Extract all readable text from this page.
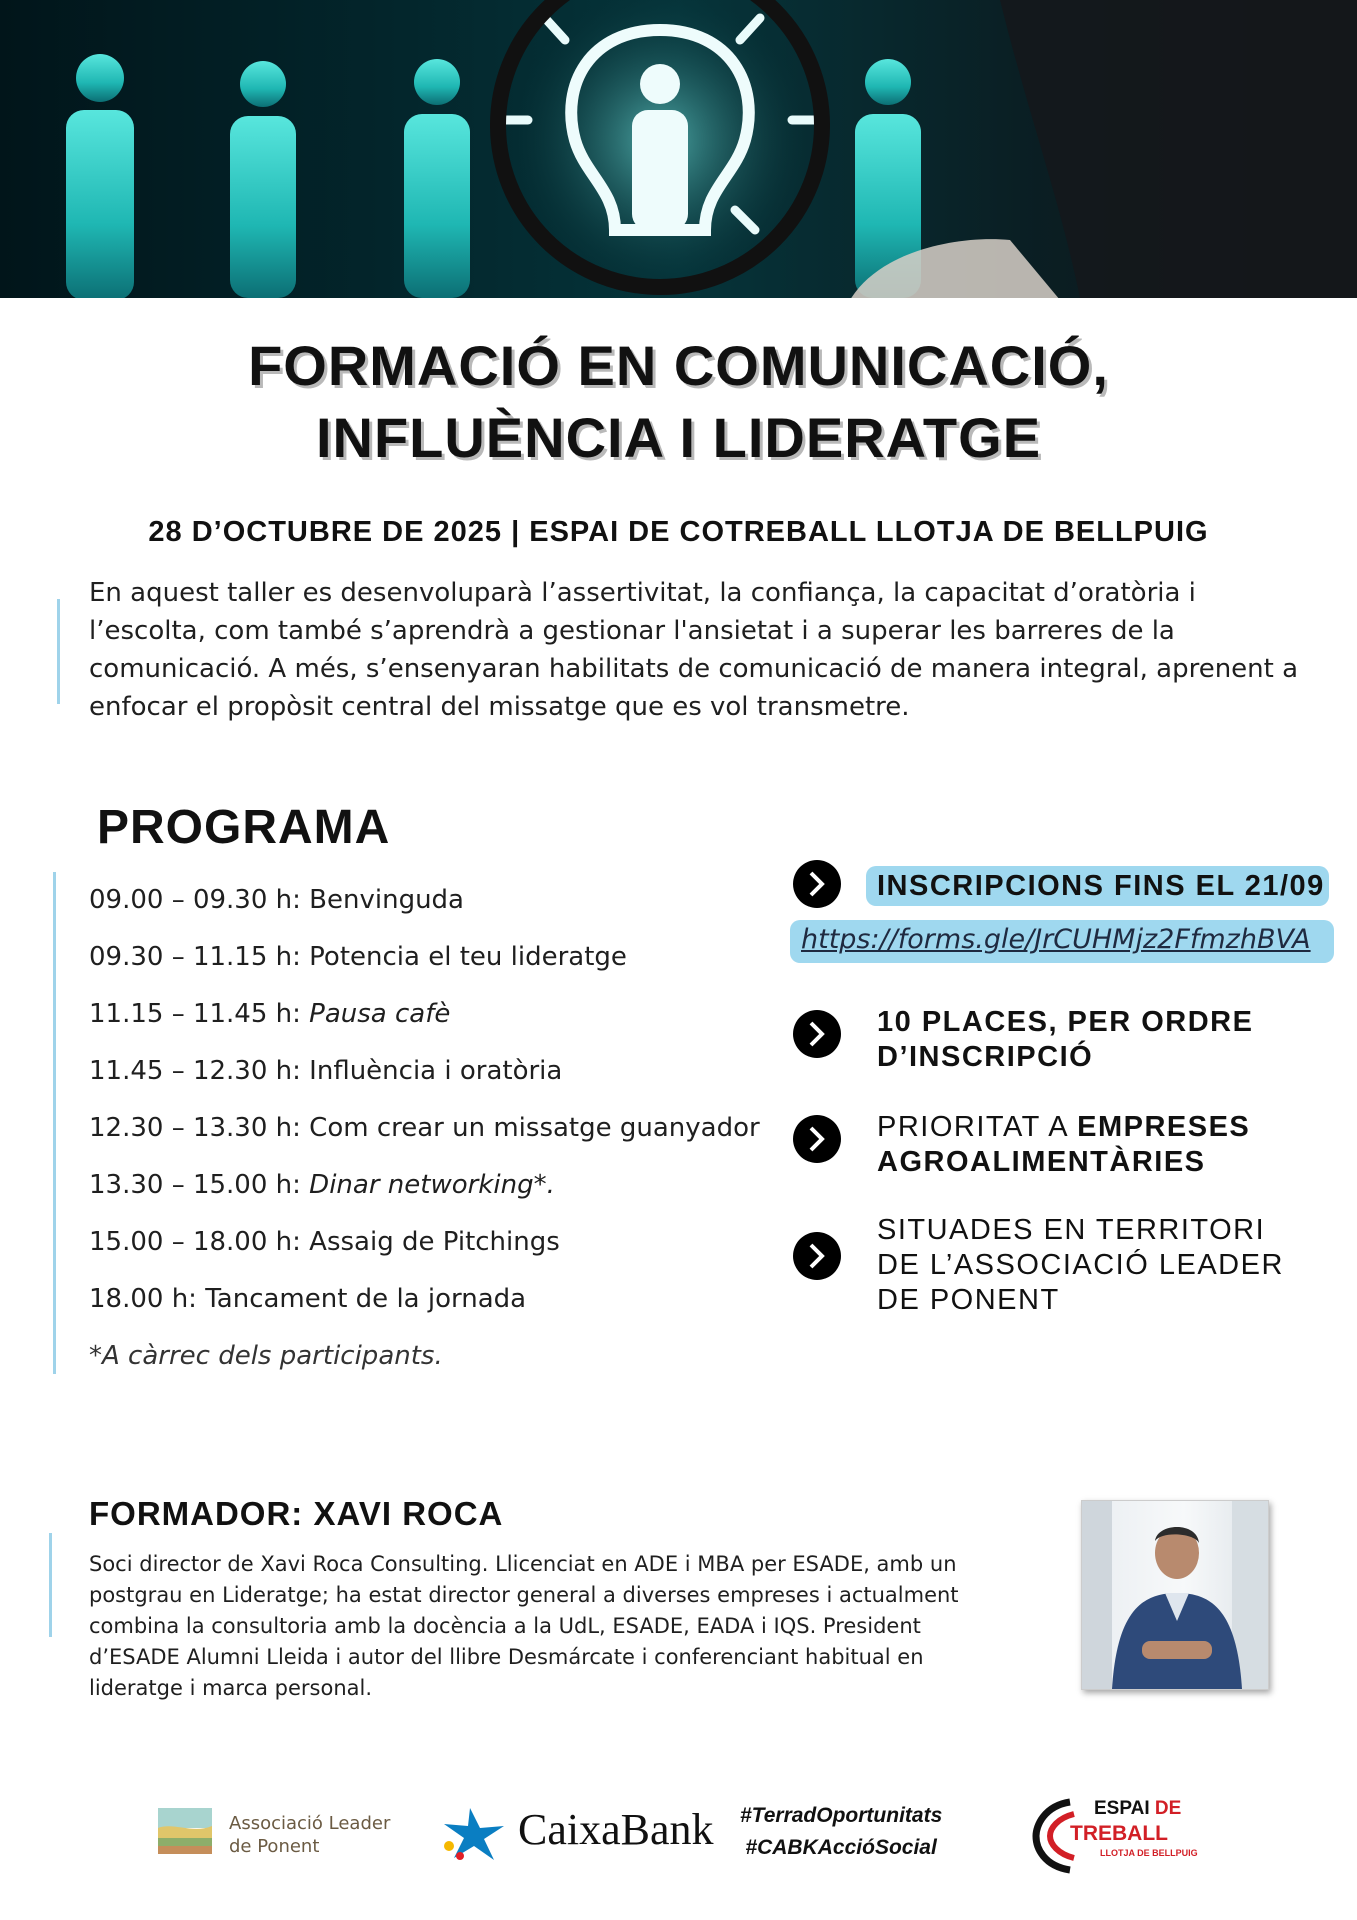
FORMACIÓ EN COMUNICACIÓ,
INFLUÈNCIA I LIDERATGE
28 D’OCTUBRE DE 2025 | ESPAI DE COTREBALL LLOTJA DE BELLPUIG
En aquest taller es desenvoluparà l’assertivitat, la confiança, la capacitat d’oratòria i l’escolta, com també s’aprendrà a gestionar l'ansietat i a superar les barreres de la comunicació. A més, s’ensenyaran habilitats de comunicació de manera integral, aprenent a enfocar el propòsit central del missatge que es vol transmetre.
PROGRAMA
09.00 – 09.30 h: Benvinguda
09.30 – 11.15 h: Potencia el teu lideratge
11.15 – 11.45 h: Pausa cafè
11.45 – 12.30 h: Influència i oratòria
12.30 – 13.30 h: Com crear un missatge guanyador
13.30 – 15.00 h: Dinar networking*.
15.00 – 18.00 h: Assaig de Pitchings
18.00 h: Tancament de la jornada
*A càrrec dels participants.
INSCRIPCIONS FINS EL 21/09
https://forms.gle/JrCUHMjz2FfmzhBVA
10 PLACES, PER ORDRE
D’INSCRIPCIÓ
PRIORITAT A EMPRESES
AGROALIMENTÀRIES
SITUADES EN TERRITORI
DE L’ASSOCIACIÓ LEADER
DE PONENT
FORMADOR: XAVI ROCA
Soci director de Xavi Roca Consulting. Llicenciat en ADE i MBA per ESADE, amb un postgrau en Lideratge; ha estat director general a diverses empreses i actualment combina la consultoria amb la docència a la UdL, ESADE, EADA i IQS. President d’ESADE Alumni Lleida i autor del llibre Desmárcate i conferenciant habitual en lideratge i marca personal.
Associació Leader
de Ponent	CaixaBank #TerradOportunitats
#CABKAccióSocial
ESPAI DE
TREBALL
LLOTJA DE BELLPUIG
